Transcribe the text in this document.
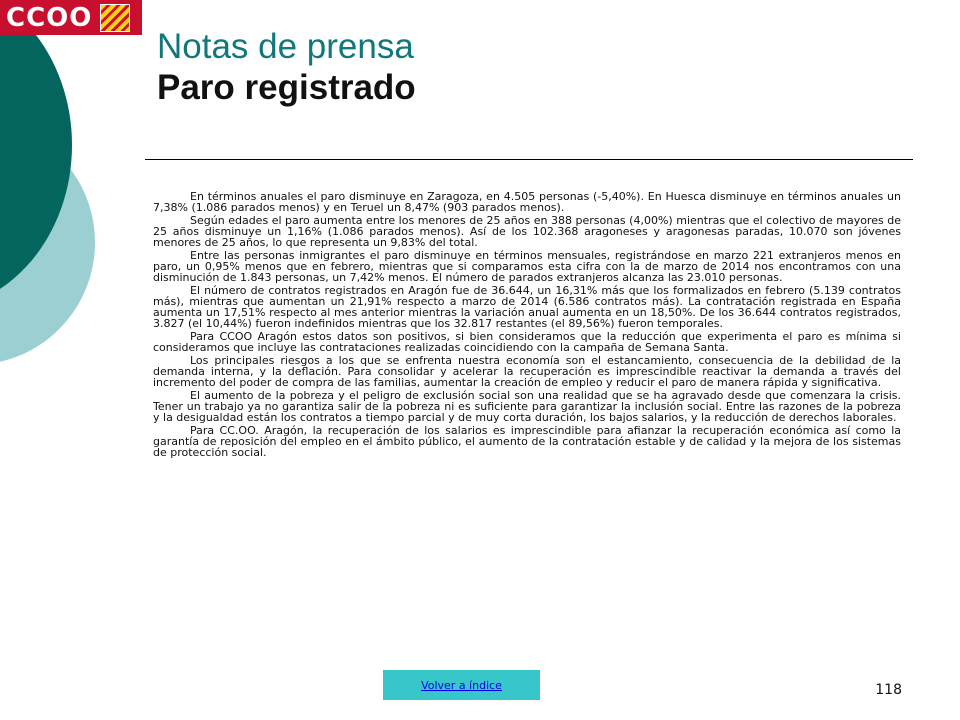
CCOO
Notas de prensa
Paro registrado

En términos anuales el paro disminuye en Zaragoza, en 4.505 personas (-5,40%). En Huesca disminuye en términos anuales un 7,38% (1.086 parados menos) y en Teruel un 8,47% (903 parados menos).

Según edades el paro aumenta entre los menores de 25 años en 388 personas (4,00%) mientras que el colectivo de mayores de 25 años disminuye un 1,16% (1.086 parados menos). Así de los 102.368 aragoneses y aragonesas paradas, 10.070 son jóvenes menores de 25 años, lo que representa un 9,83% del total.

Entre las personas inmigrantes el paro disminuye en términos mensuales, registrándose en marzo 221 extranjeros menos en paro, un 0,95% menos que en febrero, mientras que si comparamos esta cifra con la de marzo de 2014 nos encontramos con una disminución de 1.843 personas, un 7,42% menos. El número de parados extranjeros alcanza las 23.010 personas.

El número de contratos registrados en Aragón fue de 36.644, un 16,31% más que los formalizados en febrero (5.139 contratos más), mientras que aumentan un 21,91% respecto a marzo de 2014 (6.586 contratos más). La contratación registrada en España aumenta un 17,51% respecto al mes anterior mientras la variación anual aumenta en un 18,50%. De los 36.644 contratos registrados, 3.827 (el 10,44%) fueron indefinidos mientras que los 32.817 restantes (el 89,56%) fueron temporales.

Para CCOO Aragón estos datos son positivos, si bien consideramos que la reducción que experimenta el paro es mínima si consideramos que incluye las contrataciones realizadas coincidiendo con la campaña de Semana Santa.

Los principales riesgos a los que se enfrenta nuestra economía son el estancamiento, consecuencia de la debilidad de la demanda interna, y la deflación. Para consolidar y acelerar la recuperación es imprescindible reactivar la demanda a través del incremento del poder de compra de las familias, aumentar la creación de empleo y reducir el paro de manera rápida y significativa.

El aumento de la pobreza y el peligro de exclusión social son una realidad que se ha agravado desde que comenzara la crisis. Tener un trabajo ya no garantiza salir de la pobreza ni es suficiente para garantizar la inclusión social. Entre las razones de la pobreza y la desigualdad están los contratos a tiempo parcial y de muy corta duración, los bajos salarios, y la reducción de derechos laborales.

Para CC.OO. Aragón, la recuperación de los salarios es imprescindible para afianzar la recuperación económica así como la garantía de reposición del empleo en el ámbito público, el aumento de la contratación estable y de calidad y la mejora de los sistemas de protección social.

Volver a índice	118
